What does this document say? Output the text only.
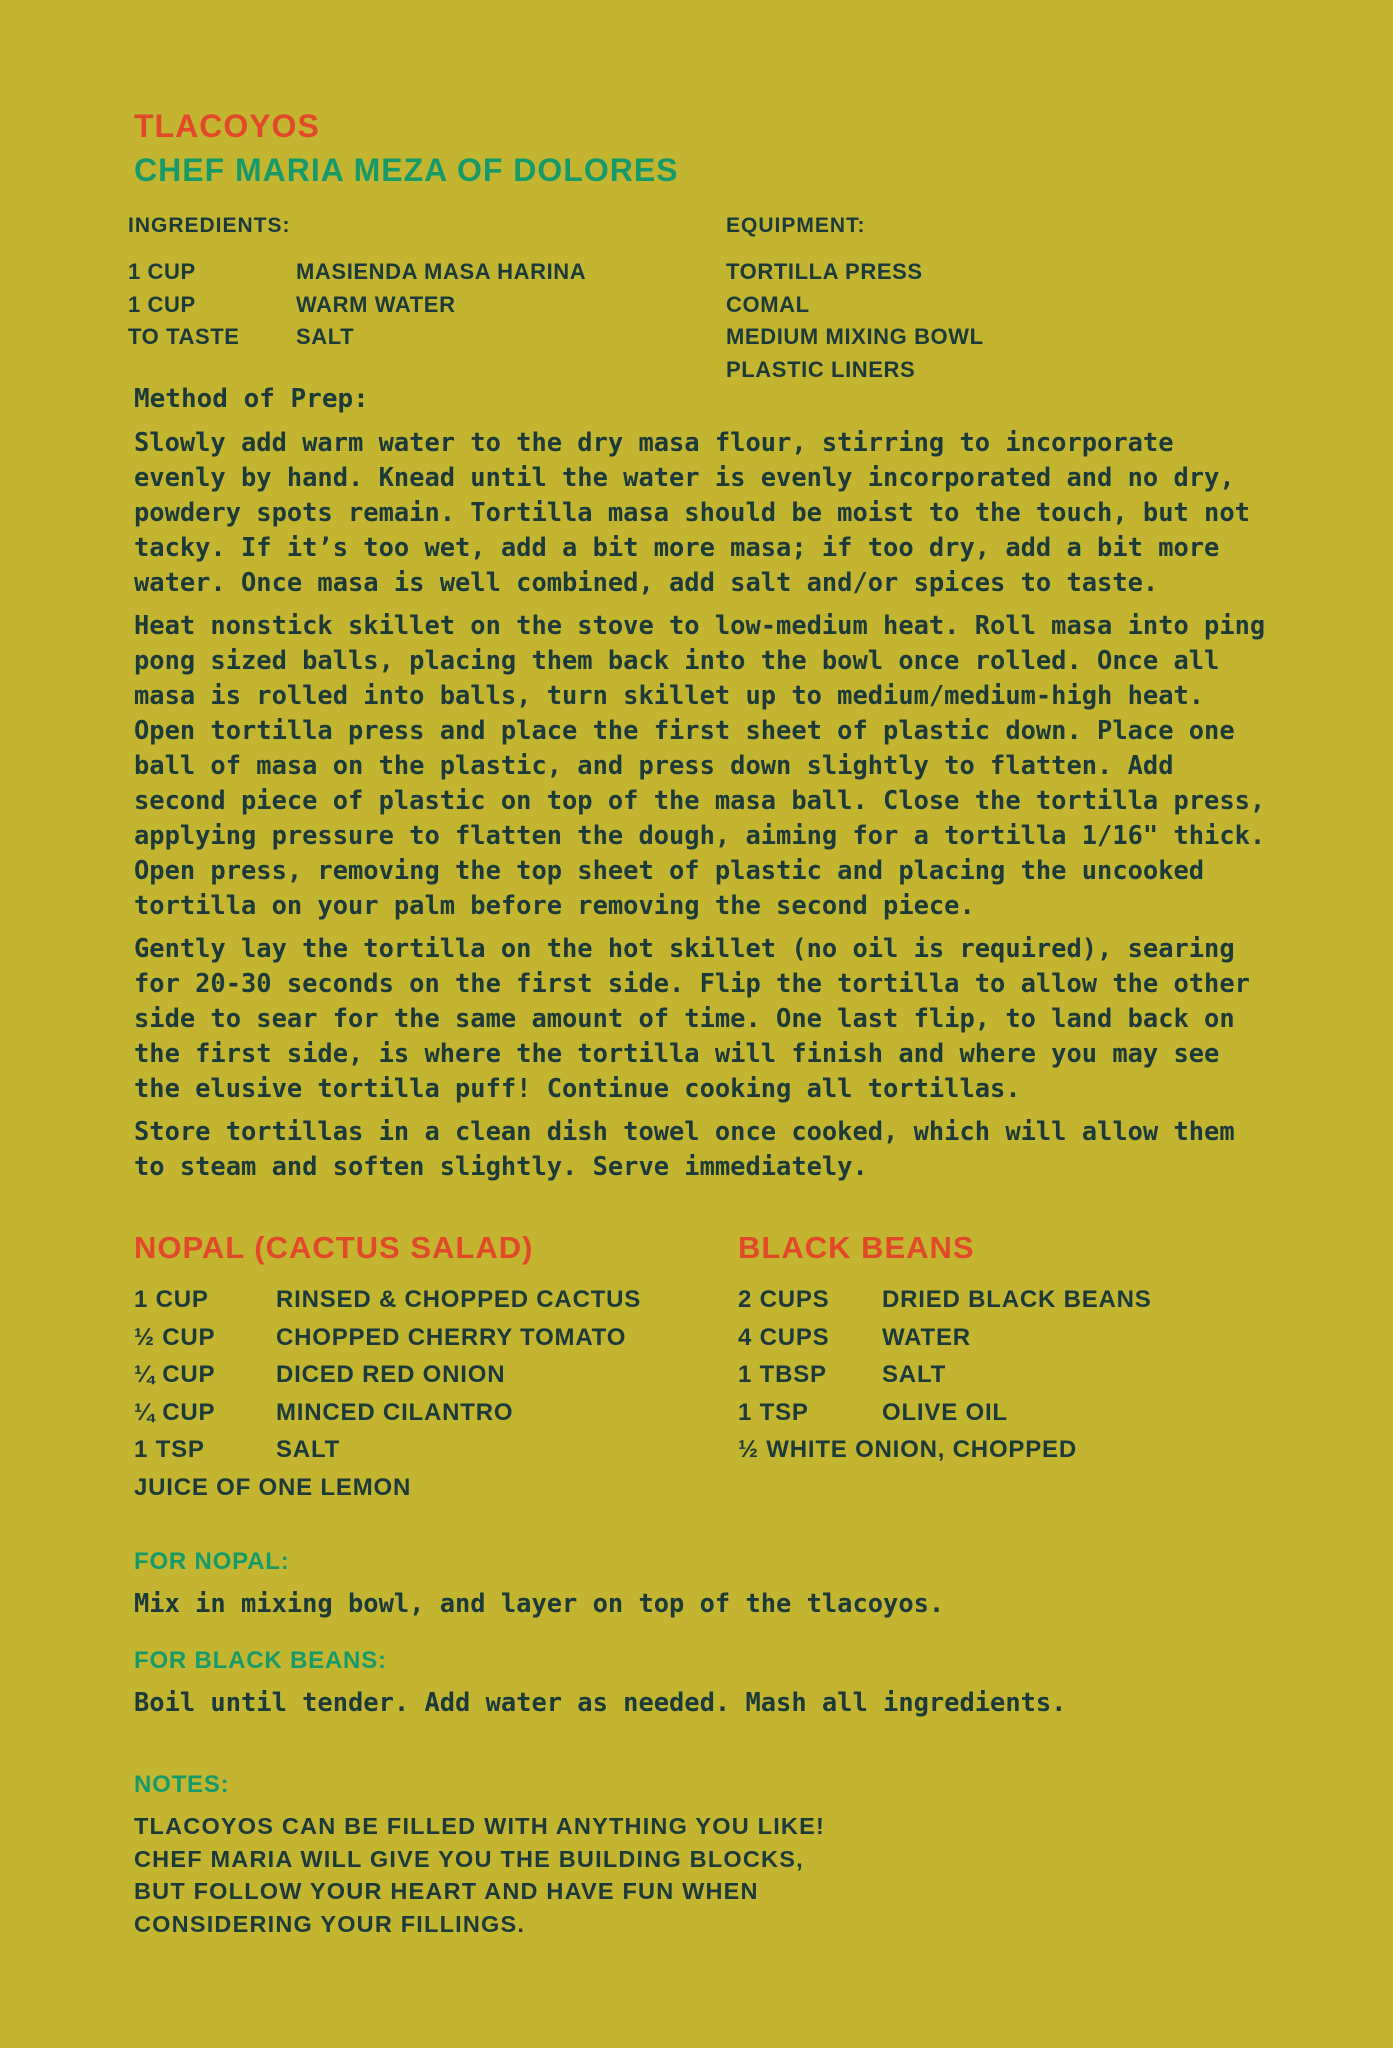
TLACOYOS
CHEF MARIA MEZA OF DOLORES
INGREDIENTS:
1 CUP	MASIENDA MASA HARINA
1 CUP	WARM WATER
TO TASTE	SALT
EQUIPMENT:
TORTILLA PRESS
COMAL
MEDIUM MIXING BOWL
PLASTIC LINERS
Method of Prep:

Slowly add warm water to the dry masa flour, stirring to incorporate
evenly by hand. Knead until the water is evenly incorporated and no dry,
powdery spots remain. Tortilla masa should be moist to the touch, but not
tacky. If it’s too wet, add a bit more masa; if too dry, add a bit more
water. Once masa is well combined, add salt and/or spices to taste.

Heat nonstick skillet on the stove to low-medium heat. Roll masa into ping
pong sized balls, placing them back into the bowl once rolled. Once all
masa is rolled into balls, turn skillet up to medium/medium-high heat.
Open tortilla press and place the first sheet of plastic down. Place one
ball of masa on the plastic, and press down slightly to flatten. Add
second piece of plastic on top of the masa ball. Close the tortilla press,
applying pressure to flatten the dough, aiming for a tortilla 1/16" thick.
Open press, removing the top sheet of plastic and placing the uncooked
tortilla on your palm before removing the second piece.

Gently lay the tortilla on the hot skillet (no oil is required), searing
for 20-30 seconds on the first side. Flip the tortilla to allow the other
side to sear for the same amount of time. One last flip, to land back on
the first side, is where the tortilla will finish and where you may see
the elusive tortilla puff! Continue cooking all tortillas.

Store tortillas in a clean dish towel once cooked, which will allow them
to steam and soften slightly. Serve immediately.

NOPAL (CACTUS SALAD)
1 CUP	RINSED & CHOPPED CACTUS
½ CUP	CHOPPED CHERRY TOMATO
¼ CUP	DICED RED ONION
¼ CUP	MINCED CILANTRO
1 TSP	SALT
JUICE OF ONE LEMON
BLACK BEANS
2 CUPS	DRIED BLACK BEANS
4 CUPS	WATER
1 TBSP	SALT
1 TSP	OLIVE OIL
½ WHITE ONION, CHOPPED
FOR NOPAL:
Mix in mixing bowl, and layer on top of the tlacoyos.
FOR BLACK BEANS:
Boil until tender. Add water as needed. Mash all ingredients.
NOTES:
TLACOYOS CAN BE FILLED WITH ANYTHING YOU LIKE!
CHEF MARIA WILL GIVE YOU THE BUILDING BLOCKS,
BUT FOLLOW YOUR HEART AND HAVE FUN WHEN
CONSIDERING YOUR FILLINGS.
